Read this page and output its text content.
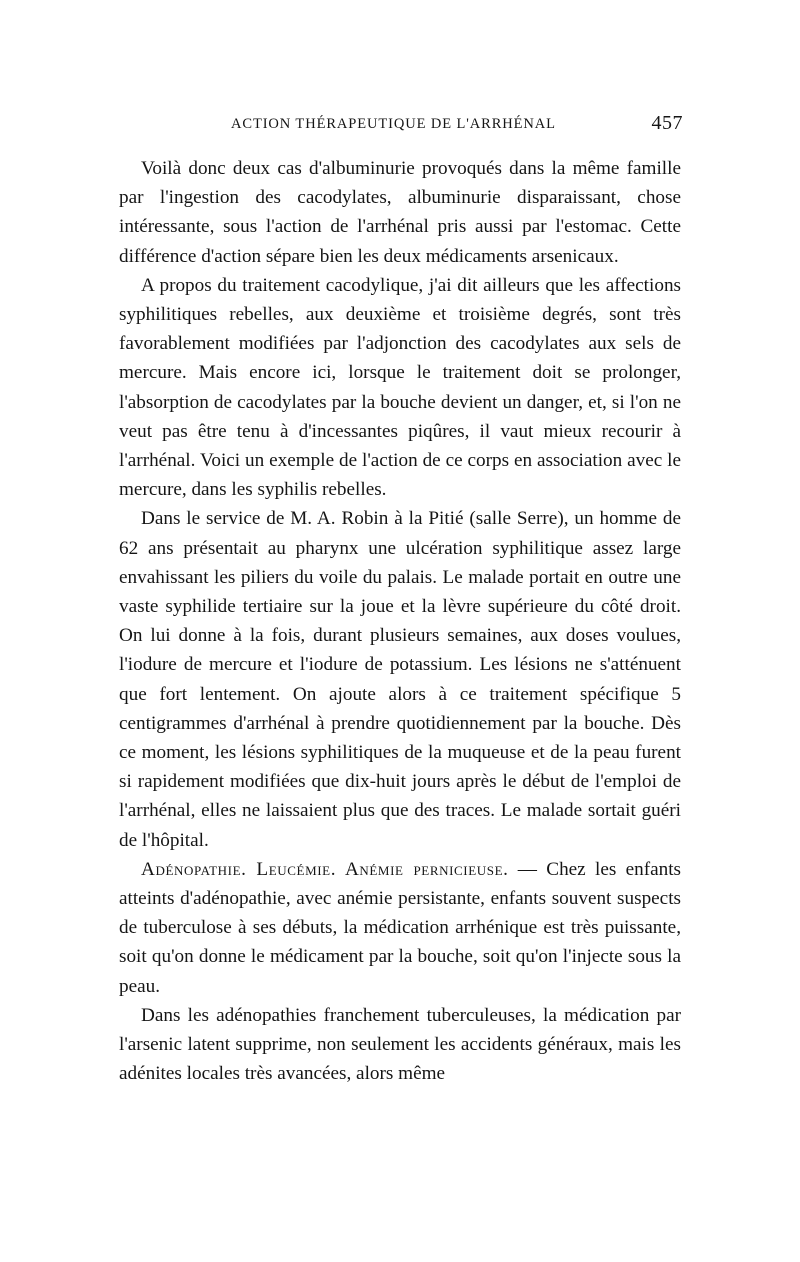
ACTION THÉRAPEUTIQUE DE L'ARRHÉNAL	457

Voilà donc deux cas d'albuminurie provoqués dans la même famille par l'ingestion des cacodylates, albuminurie disparaissant, chose intéressante, sous l'action de l'arrhénal pris aussi par l'estomac. Cette différence d'action sépare bien les deux médicaments arsenicaux.

A propos du traitement cacodylique, j'ai dit ailleurs que les affections syphilitiques rebelles, aux deuxième et troisième degrés, sont très favorablement modifiées par l'adjonction des cacodylates aux sels de mercure. Mais encore ici, lorsque le traitement doit se prolonger, l'absorption de cacodylates par la bouche devient un danger, et, si l'on ne veut pas être tenu à d'incessantes piqûres, il vaut mieux recourir à l'arrhénal. Voici un exemple de l'action de ce corps en association avec le mercure, dans les syphilis rebelles.

Dans le service de M. A. Robin à la Pitié (salle Serre), un homme de 62 ans présentait au pharynx une ulcération syphilitique assez large envahissant les piliers du voile du palais. Le malade portait en outre une vaste syphilide tertiaire sur la joue et la lèvre supérieure du côté droit. On lui donne à la fois, durant plusieurs semaines, aux doses voulues, l'iodure de mercure et l'iodure de potassium. Les lésions ne s'atténuent que fort lentement. On ajoute alors à ce traitement spécifique 5 centigrammes d'arrhénal à prendre quotidiennement par la bouche. Dès ce moment, les lésions syphilitiques de la muqueuse et de la peau furent si rapidement modifiées que dix-huit jours après le début de l'emploi de l'arrhénal, elles ne laissaient plus que des traces. Le malade sortait guéri de l'hôpital.

Adénopathie. Leucémie. Anémie pernicieuse. — Chez les enfants atteints d'adénopathie, avec anémie persistante, enfants souvent suspects de tuberculose à ses débuts, la médication arrhénique est très puissante, soit qu'on donne le médicament par la bouche, soit qu'on l'injecte sous la peau.

Dans les adénopathies franchement tuberculeuses, la médication par l'arsenic latent supprime, non seulement les accidents généraux, mais les adénites locales très avancées, alors même
